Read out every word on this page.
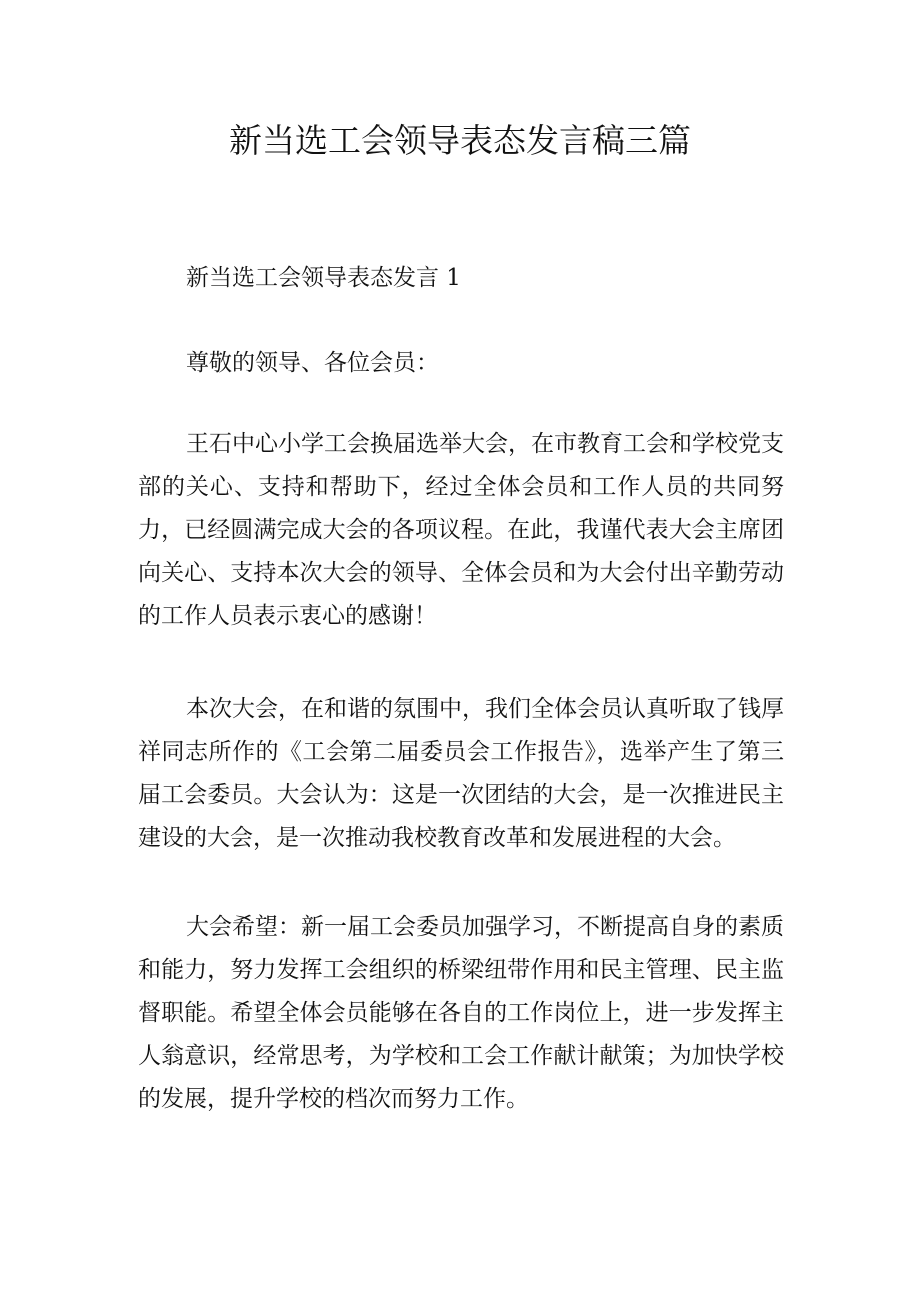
新当选工会领导表态发言稿三篇

新当选工会领导表态发言 1

尊敬的领导、各位会员：

王石中心小学工会换届选举大会，在市教育工会和学校党支部的关心、支持和帮助下，经过全体会员和工作人员的共同努力，已经圆满完成大会的各项议程。在此，我谨代表大会主席团向关心、支持本次大会的领导、全体会员和为大会付出辛勤劳动的工作人员表示衷心的感谢！

本次大会，在和谐的氛围中，我们全体会员认真听取了钱厚祥同志所作的《工会第二届委员会工作报告》，选举产生了第三届工会委员。大会认为：这是一次团结的大会，是一次推进民主建设的大会，是一次推动我校教育改革和发展进程的大会。

大会希望：新一届工会委员加强学习，不断提高自身的素质和能力，努力发挥工会组织的桥梁纽带作用和民主管理、民主监督职能。希望全体会员能够在各自的工作岗位上，进一步发挥主人翁意识，经常思考，为学校和工会工作献计献策；为加快学校的发展，提升学校的档次而努力工作。
